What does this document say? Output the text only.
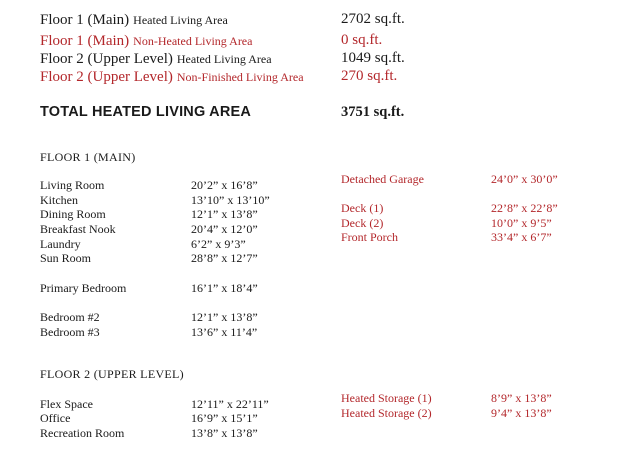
Floor 1 (Main) Heated Living Area	2702 sq.ft.
Floor 1 (Main) Non-Heated Living Area	0 sq.ft.
Floor 2 (Upper Level) Heated Living Area	1049 sq.ft.
Floor 2 (Upper Level) Non-Finished Living Area 270 sq.ft.
TOTAL HEATED LIVING AREA	3751 sq.ft.
FLOOR 1 (MAIN)
Living Room	20’2” x 16’8”
Kitchen	13’10” x 13’10”
Dining Room	12’1” x 13’8”
Breakfast Nook	20’4” x 12’0”
Laundry	6’2” x 9’3”
Sun Room	28’8” x 12’7”
Primary Bedroom	16’1” x 18’4”
Bedroom #2	12’1” x 13’8”
Bedroom #3	13’6” x 11’4”
Detached Garage	24’0” x 30’0”
Deck (1)	22’8” x 22’8”
Deck (2)	10’0” x 9’5”
Front Porch	33’4” x 6’7”
FLOOR 2 (UPPER LEVEL)
Flex Space	12’11” x 22’11”
Office	16’9” x 15’1”
Recreation Room	13’8” x 13’8”
Heated Storage (1)	8’9” x 13’8”
Heated Storage (2)	9’4” x 13’8”
